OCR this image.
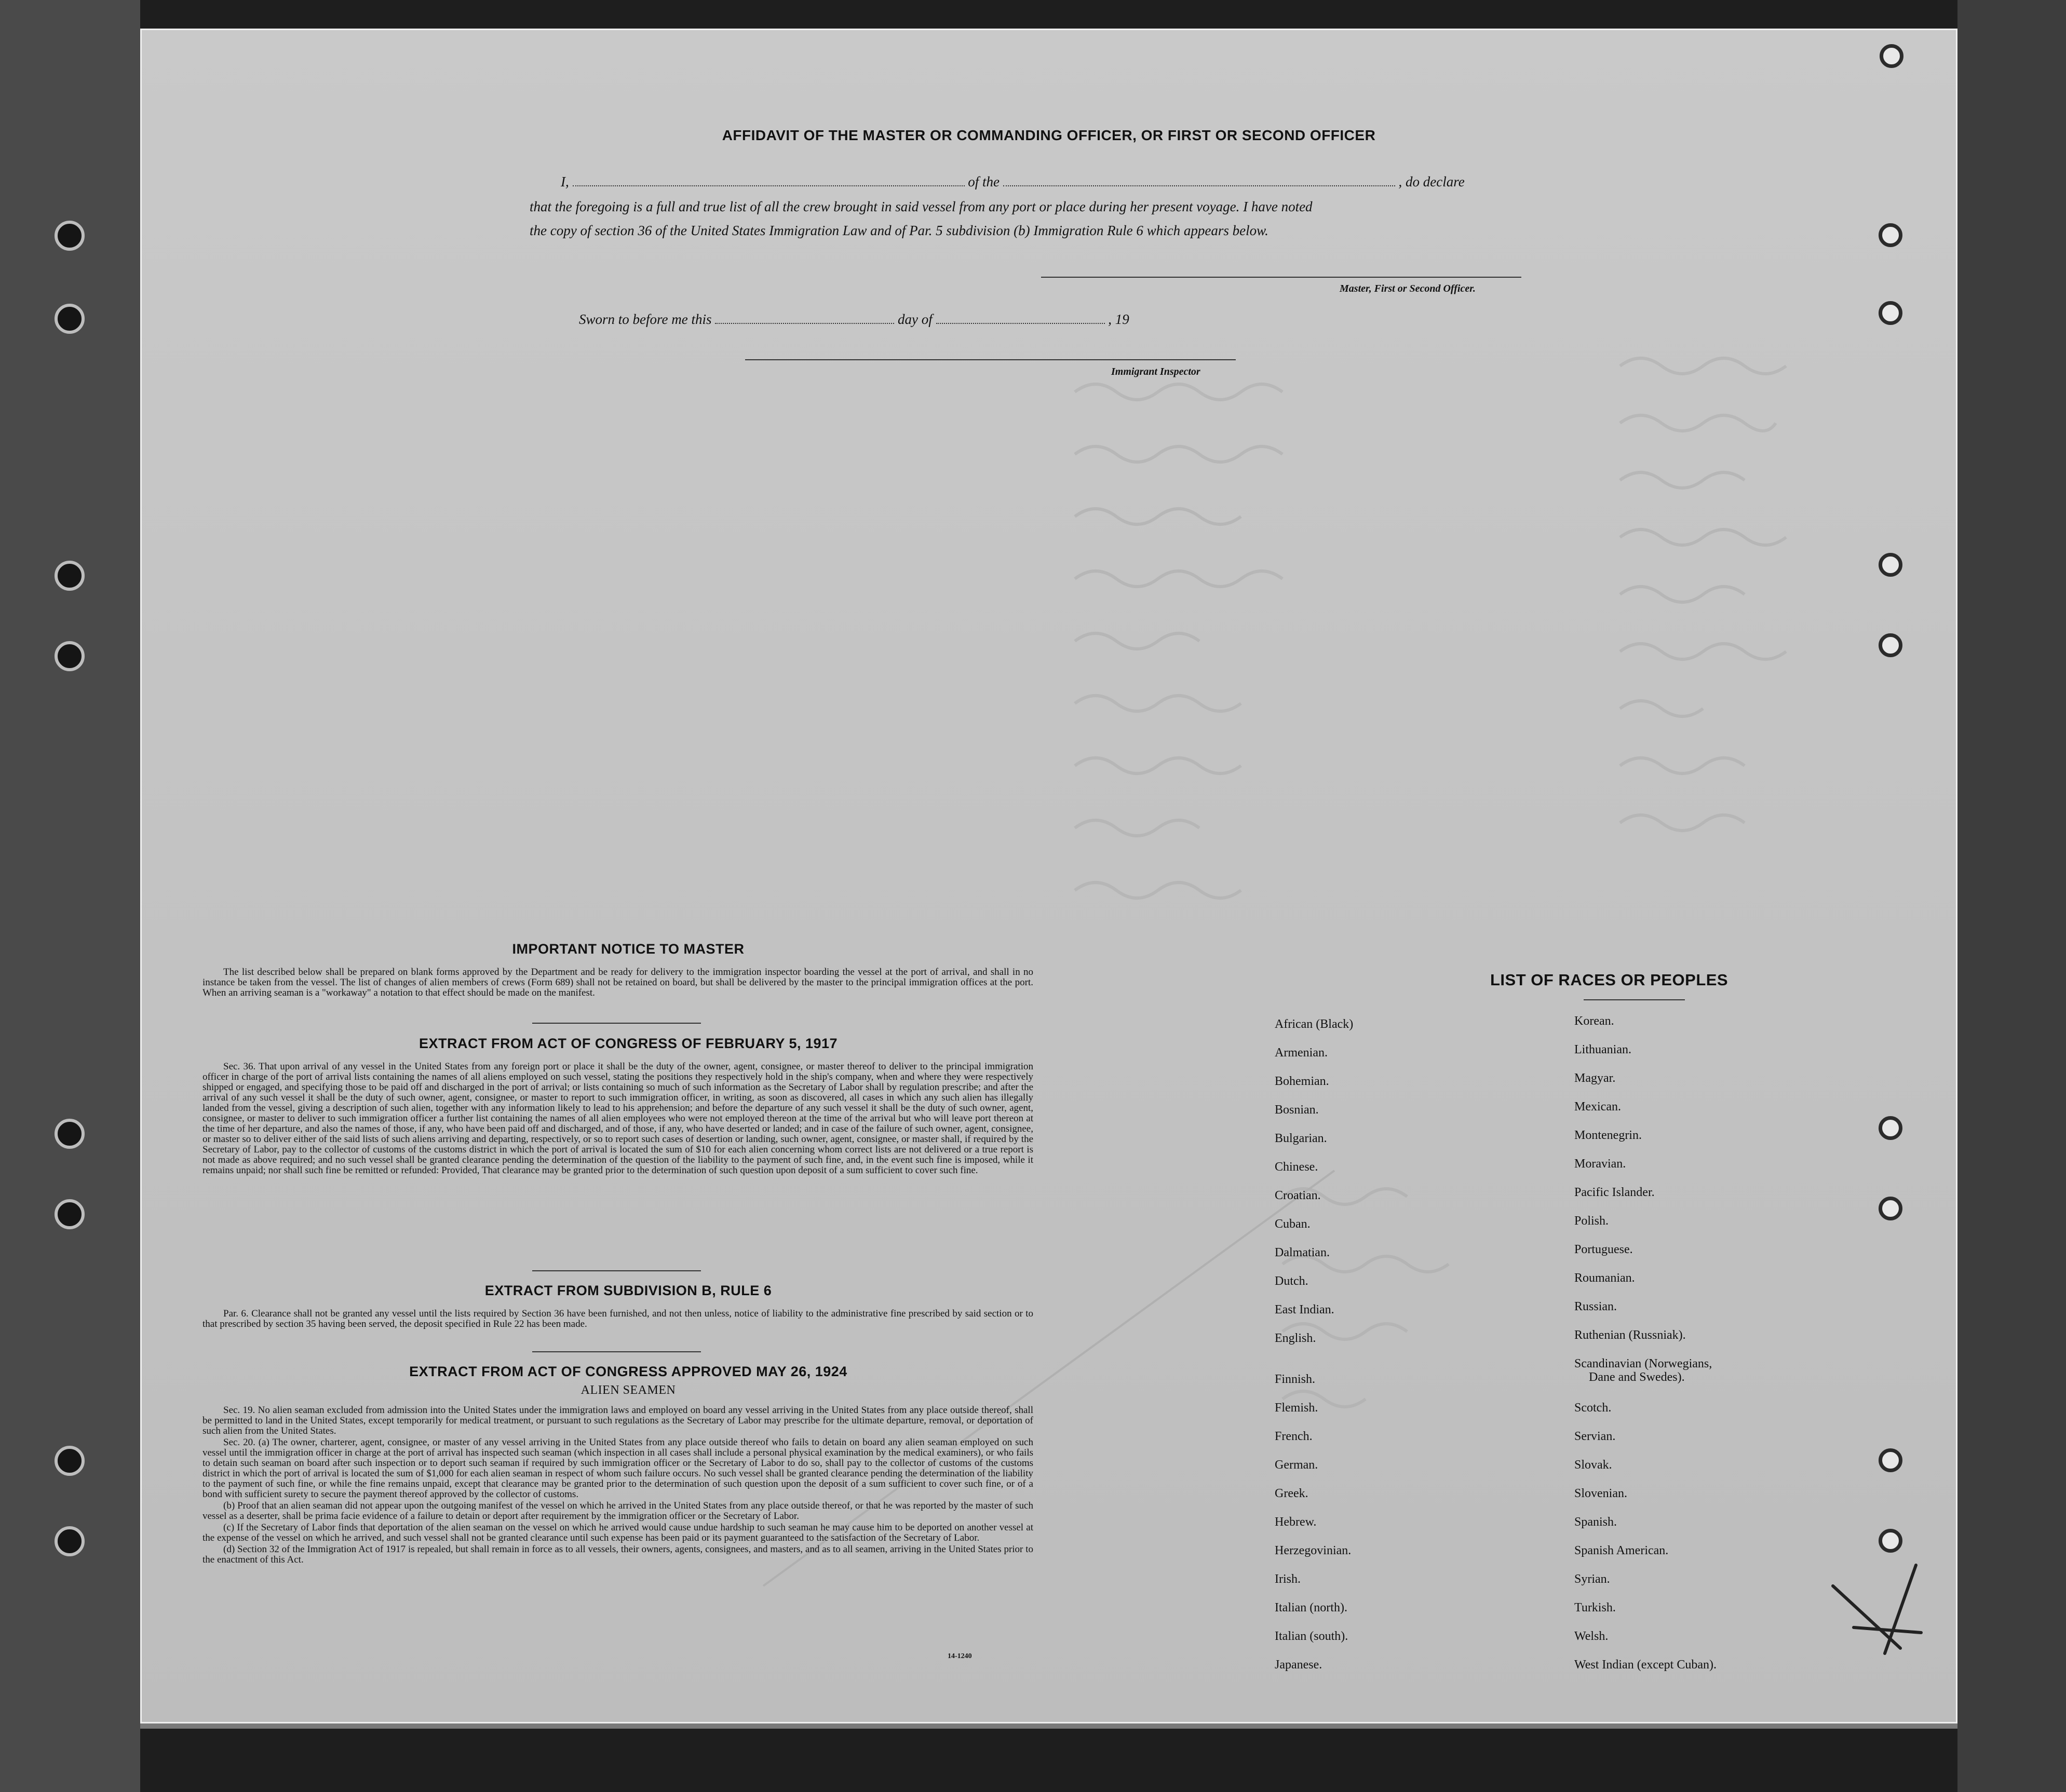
AFFIDAVIT OF THE MASTER OR COMMANDING OFFICER, OR FIRST OR SECOND OFFICER
I,	of the	, do declare
that the foregoing is a full and true list of all the crew brought in said vessel from any port or place during her present voyage. I have noted
the copy of section 36 of the United States Immigration Law and of Par. 5 subdivision (b) Immigration Rule 6 which appears below.
Master, First or Second Officer.
Sworn to before me this	day of	, 19
Immigrant Inspector
IMPORTANT NOTICE TO MASTER

The list described below shall be prepared on blank forms approved by the Department and be ready for delivery to the immigration inspector boarding the vessel at the port of arrival, and shall in no instance be taken from the vessel. The list of changes of alien members of crews (Form 689) shall not be retained on board, but shall be delivered by the master to the principal immigration offices at the port. When an arriving seaman is a "workaway" a notation to that effect should be made on the manifest.

EXTRACT FROM ACT OF CONGRESS OF FEBRUARY 5, 1917

Sec. 36. That upon arrival of any vessel in the United States from any foreign port or place it shall be the duty of the owner, agent, consignee, or master thereof to deliver to the principal immigration officer in charge of the port of arrival lists containing the names of all aliens employed on such vessel, stating the positions they respectively hold in the ship's company, when and where they were respectively shipped or engaged, and specifying those to be paid off and discharged in the port of arrival; or lists containing so much of such information as the Secretary of Labor shall by regulation prescribe; and after the arrival of any such vessel it shall be the duty of such owner, agent, consignee, or master to report to such immigration officer, in writing, as soon as discovered, all cases in which any such alien has illegally landed from the vessel, giving a description of such alien, together with any information likely to lead to his apprehension; and before the departure of any such vessel it shall be the duty of such owner, agent, consignee, or master to deliver to such immigration officer a further list containing the names of all alien employees who were not employed thereon at the time of the arrival but who will leave port thereon at the time of her departure, and also the names of those, if any, who have been paid off and discharged, and of those, if any, who have deserted or landed; and in case of the failure of such owner, agent, consignee, or master so to deliver either of the said lists of such aliens arriving and departing, respectively, or so to report such cases of desertion or landing, such owner, agent, consignee, or master shall, if required by the Secretary of Labor, pay to the collector of customs of the customs district in which the port of arrival is located the sum of $10 for each alien concerning whom correct lists are not delivered or a true report is not made as above required; and no such vessel shall be granted clearance pending the determination of the question of the liability to the payment of such fine, and, in the event such fine is imposed, while it remains unpaid; nor shall such fine be remitted or refunded: Provided, That clearance may be granted prior to the determination of such question upon deposit of a sum sufficient to cover such fine.

EXTRACT FROM SUBDIVISION B, RULE 6

Par. 6. Clearance shall not be granted any vessel until the lists required by Section 36 have been furnished, and not then unless, notice of liability to the administrative fine prescribed by said section or to that prescribed by section 35 having been served, the deposit specified in Rule 22 has been made.

EXTRACT FROM ACT OF CONGRESS APPROVED MAY 26, 1924
ALIEN SEAMEN

Sec. 19. No alien seaman excluded from admission into the United States under the immigration laws and employed on board any vessel arriving in the United States from any place outside thereof, shall be permitted to land in the United States, except temporarily for medical treatment, or pursuant to such regulations as the Secretary of Labor may prescribe for the ultimate departure, removal, or deportation of such alien from the United States.

Sec. 20. (a) The owner, charterer, agent, consignee, or master of any vessel arriving in the United States from any place outside thereof who fails to detain on board any alien seaman employed on such vessel until the immigration officer in charge at the port of arrival has inspected such seaman (which inspection in all cases shall include a personal physical examination by the medical examiners), or who fails to detain such seaman on board after such inspection or to deport such seaman if required by such immigration officer or the Secretary of Labor to do so, shall pay to the collector of customs of the customs district in which the port of arrival is located the sum of $1,000 for each alien seaman in respect of whom such failure occurs. No such vessel shall be granted clearance pending the determination of the liability to the payment of such fine, or while the fine remains unpaid, except that clearance may be granted prior to the determination of such question upon the deposit of a sum sufficient to cover such fine, or of a bond with sufficient surety to secure the payment thereof approved by the collector of customs.

(b) Proof that an alien seaman did not appear upon the outgoing manifest of the vessel on which he arrived in the United States from any place outside thereof, or that he was reported by the master of such vessel as a deserter, shall be prima facie evidence of a failure to detain or deport after requirement by the immigration officer or the Secretary of Labor.

(c) If the Secretary of Labor finds that deportation of the alien seaman on the vessel on which he arrived would cause undue hardship to such seaman he may cause him to be deported on another vessel at the expense of the vessel on which he arrived, and such vessel shall not be granted clearance until such expense has been paid or its payment guaranteed to the satisfaction of the Secretary of Labor.

(d) Section 32 of the Immigration Act of 1917 is repealed, but shall remain in force as to all vessels, their owners, agents, consignees, and masters, and as to all seamen, arriving in the United States prior to the enactment of this Act.

14-1240
LIST OF RACES OR PEOPLES
African (Black)
Armenian.
Bohemian.
Bosnian.
Bulgarian.
Chinese.
Croatian.
Cuban.
Dalmatian.
Dutch.
East Indian.
English.
Finnish.
Flemish.
French.
German.
Greek.
Hebrew.
Herzegovinian.
Irish.
Italian (north).
Italian (south).
Japanese.
Korean.
Lithuanian.
Magyar.
Mexican.
Montenegrin.
Moravian.
Pacific Islander.
Polish.
Portuguese.
Roumanian.
Russian.
Ruthenian (Russniak).
Scandinavian (Norwegians,
Dane and Swedes).
Scotch.
Servian.
Slovak.
Slovenian.
Spanish.
Spanish American.
Syrian.
Turkish.
Welsh.
West Indian (except Cuban).
